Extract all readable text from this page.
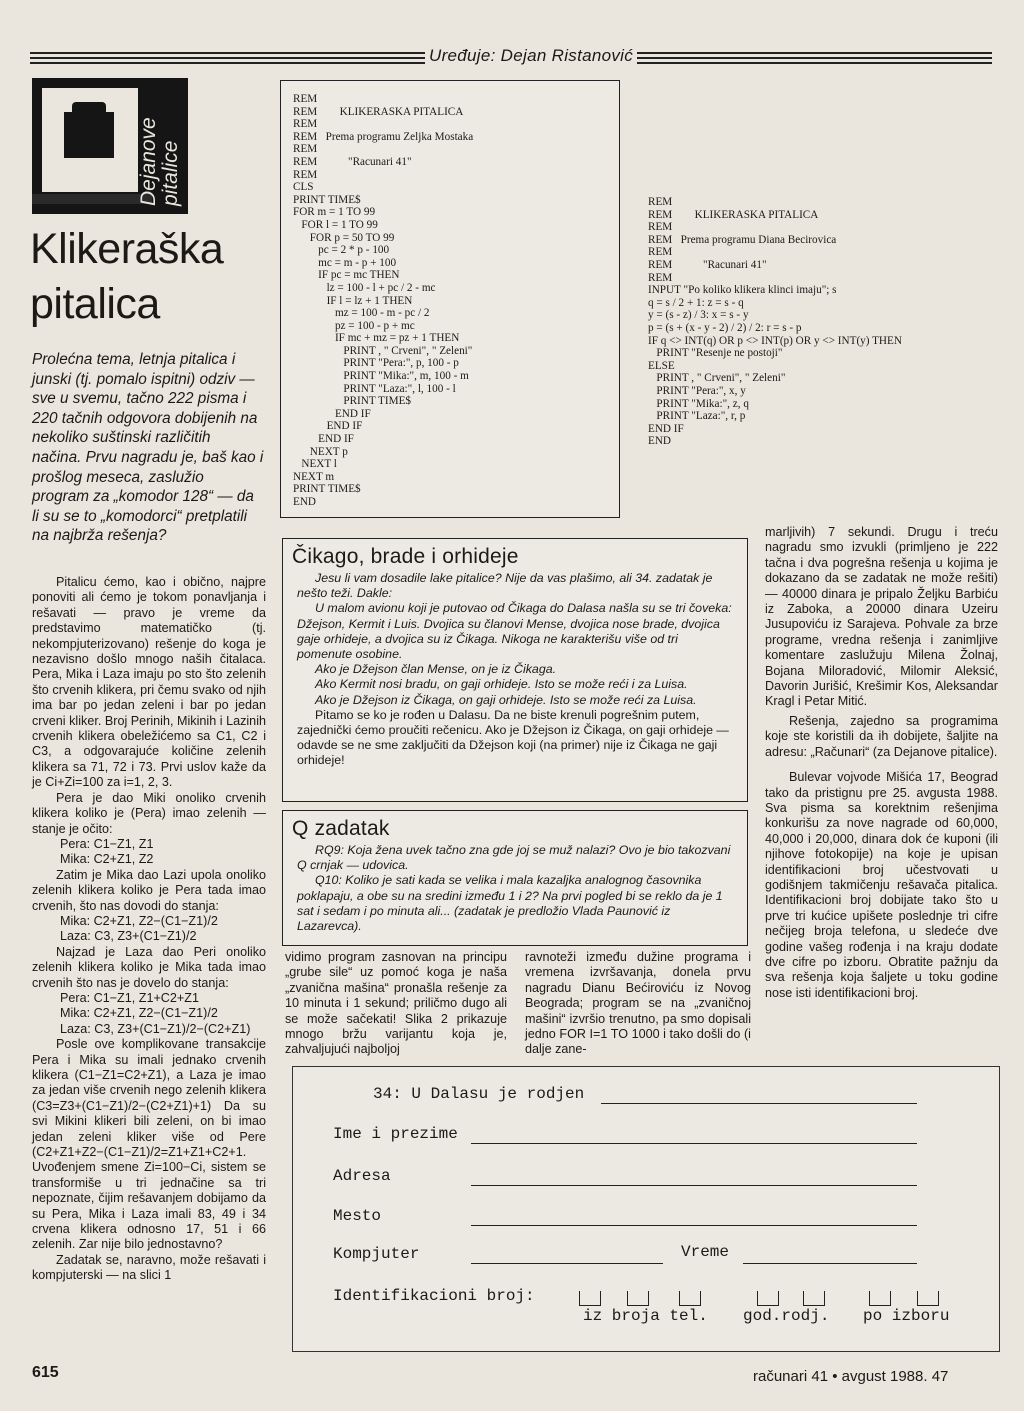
Uređuje: Dejan Ristanović
Dejanove pitalice
Klikeraška pitalica
Prolećna tema, letnja pitalica i junski (tj. pomalo ispitni) odziv — sve u svemu, tačno 222 pisma i 220 tačnih odgovora dobijenih na nekoliko suštinski različitih načina. Prvu nagradu je, baš kao i prošlog meseca, zaslužio program za „komodor 128“ — da li su se to „komodorci“ pretplatili na najbrža rešenja?

Pitalicu ćemo, kao i obično, najpre ponoviti ali ćemo je tokom ponavljanja i rešavati — pravo je vreme da predstavimo matematičko (tj. nekompjuterizovano) rešenje do koga je nezavisno došlo mnogo naših čitalaca. Pera, Mika i Laza imaju po sto što zelenih što crvenih klikera, pri čemu svako od njih ima bar po jedan zeleni i bar po jedan crveni kliker. Broj Perinih, Mikinih i Lazinih crvenih klikera obeležićemo sa C1, C2 i C3, a odgovarajuće količine zelenih klikera sa 71, 72 i 73. Prvi uslov kaže da je Ci+Zi=100 za i=1, 2, 3.

Pera je dao Miki onoliko crvenih klikera koliko je (Pera) imao zelenih — stanje je očito:

Pera: C1−Z1, Z1

Mika: C2+Z1, Z2

Zatim je Mika dao Lazi upola onoliko zelenih klikera koliko je Pera tada imao crvenih, što nas dovodi do stanja:

Mika: C2+Z1, Z2−(C1−Z1)/2

Laza: C3, Z3+(C1−Z1)/2

Najzad je Laza dao Peri onoliko zelenih klikera koliko je Mika tada imao crvenih što nas je dovelo do stanja:

Pera: C1−Z1, Z1+C2+Z1

Mika: C2+Z1, Z2−(C1−Z1)/2

Laza: C3, Z3+(C1−Z1)/2−(C2+Z1)

Posle ove komplikovane transakcije Pera i Mika su imali jednako crvenih klikera (C1−Z1=C2+Z1), a Laza je imao za jedan više crvenih nego zelenih klikera (C3=Z3+(C1−Z1)/2−(C2+Z1)+1) Da su svi Mikini klikeri bili zeleni, on bi imao jedan zeleni kliker više od Pere (C2+Z1+Z2−(C1−Z1)/2=Z1+Z1+C2+1. Uvođenjem smene Zi=100−Ci, sistem se transformiše u tri jednačine sa tri nepoznate, čijim rešavanjem dobijamo da su Pera, Mika i Laza imali 83, 49 i 34 crvena klikera odnosno 17, 51 i 66 zelenih. Zar nije bilo jednostavno?

Zadatak se, naravno, može rešavati i kompjuterski — na slici 1

REM
REM        KLIKERASKA PITALICA
REM
REM   Prema programu Zeljka Mostaka
REM
REM           "Racunari 41"
REM
CLS
PRINT TIME$
FOR m = 1 TO 99
FOR l = 1 TO 99
FOR p = 50 TO 99
pc = 2 * p - 100
mc = m - p + 100
IF pc = mc THEN
lz = 100 - l + pc / 2 - mc
IF l = lz + 1 THEN
mz = 100 - m - pc / 2
pz = 100 - p + mc
IF mc + mz = pz + 1 THEN
PRINT , " Crveni", " Zeleni"
PRINT "Pera:", p, 100 - p
PRINT "Mika:", m, 100 - m
PRINT "Laza:", l, 100 - l
PRINT TIME$
END IF
END IF
END IF
NEXT p
NEXT l
NEXT m
PRINT TIME$
END
REM
REM        KLIKERASKA PITALICA
REM
REM   Prema programu Diana Becirovica
REM
REM           "Racunari 41"
REM
INPUT "Po koliko klikera klinci imaju"; s
q = s / 2 + 1: z = s - q
y = (s - z) / 3: x = s - y
p = (s + (x - y - 2) / 2) / 2: r = s - p
IF q <> INT(q) OR p <> INT(p) OR y <> INT(y) THEN
PRINT "Resenje ne postoji"
ELSE
PRINT , " Crveni", " Zeleni"
PRINT "Pera:", x, y
PRINT "Mika:", z, q
PRINT "Laza:", r, p
END IF
END
Čikago, brade i orhideje

Jesu li vam dosadile lake pitalice? Nije da vas plašimo, ali 34. zadatak je nešto teži. Dakle:

U malom avionu koji je putovao od Čikaga do Dalasa našla su se tri čoveka: Džejson, Kermit i Luis. Dvojica su članovi Mense, dvojica nose brade, dvojica gaje orhideje, a dvojica su iz Čikaga. Nikoga ne karakterišu više od tri pomenute osobine.

Ako je Džejson član Mense, on je iz Čikaga.

Ako Kermit nosi bradu, on gaji orhideje. Isto se može reći i za Luisa.

Ako je Džejson iz Čikaga, on gaji orhideje. Isto se može reći za Luisa.

Pitamo se ko je rođen u Dalasu. Da ne biste krenuli pogrešnim putem, zajednički ćemo proučiti rečenicu. Ako je Džejson iz Čikaga, on gaji orhideje — odavde se ne sme zaključiti da Džejson koji (na primer) nije iz Čikaga ne gaji orhideje!

Q zadatak

RQ9: Koja žena uvek tačno zna gde joj se muž nalazi? Ovo je bio takozvani Q crnjak — udovica.

Q10: Koliko je sati kada se velika i mala kazaljka analognog časovnika poklapaju, a obe su na sredini između 1 i 2? Na prvi pogled bi se reklo da je 1 sat i sedam i po minuta ali... (zadatak je predložio Vlada Paunović iz Lazarevca).

vidimo program zasnovan na principu „grube sile“ uz pomoć koga je naša „zvanična mašina“ pronašla rešenje za 10 minuta i 1 sekund; priličmo dugo ali se može sačekati! Slika 2 prikazuje mnogo bržu varijantu koja je, zahvaljujući najboljoj

ravnoteži između dužine programa i vremena izvršavanja, donela prvu nagradu Dianu Bećiroviću iz Novog Beograda; program se na „zvaničnoj mašini“ izvršio trenutno, pa smo dopisali jedno FOR I=1 TO 1000 i tako došli do (i dalje zane-

marljivih) 7 sekundi. Drugu i treću nagradu smo izvukli (primljeno je 222 tačna i dva pogrešna rešenja u kojima je dokazano da se zadatak ne može rešiti) — 40000 dinara je pripalo Željku Barbiću iz Zaboka, a 20000 dinara Uzeiru Jusupoviću iz Sarajeva. Pohvale za brze programe, vredna rešenja i zanimljive komentare zaslužuju Milena Žolnaj, Bojana Miloradović, Milomir Aleksić, Davorin Jurišić, Krešimir Kos, Aleksandar Kragl i Petar Mitić.

Rešenja, zajedno sa programima koje ste koristili da ih dobijete, šaljite na adresu: „Računari“ (za Dejanove pitalice).

Bulevar vojvode Mišića 17, Beograd tako da pristignu pre 25. avgusta 1988. Sva pisma sa korektnim rešenjima konkurišu za nove nagrade od 60,000, 40,000 i 20,000, dinara dok će kuponi (ili njihove fotokopije) na koje je upisan identifikacioni broj učestvovati u godišnjem takmičenju rešavača pitalica. Identifikacioni broj dobijate tako što u prve tri kućice upišete poslednje tri cifre nečijeg broja telefona, u sledeće dve godine vašeg rođenja i na kraju dodate dve cifre po izboru. Obratite pažnju da sva rešenja koja šaljete u toku godine nose isti identifikacioni broj.

34: U Dalasu je rodjen
Ime i prezime
Adresa
Mesto
Kompjuter	Vreme
Identifikacioni broj:
iz broja tel. god.rodj. po izboru
615	računari 41 • avgust 1988. 47
